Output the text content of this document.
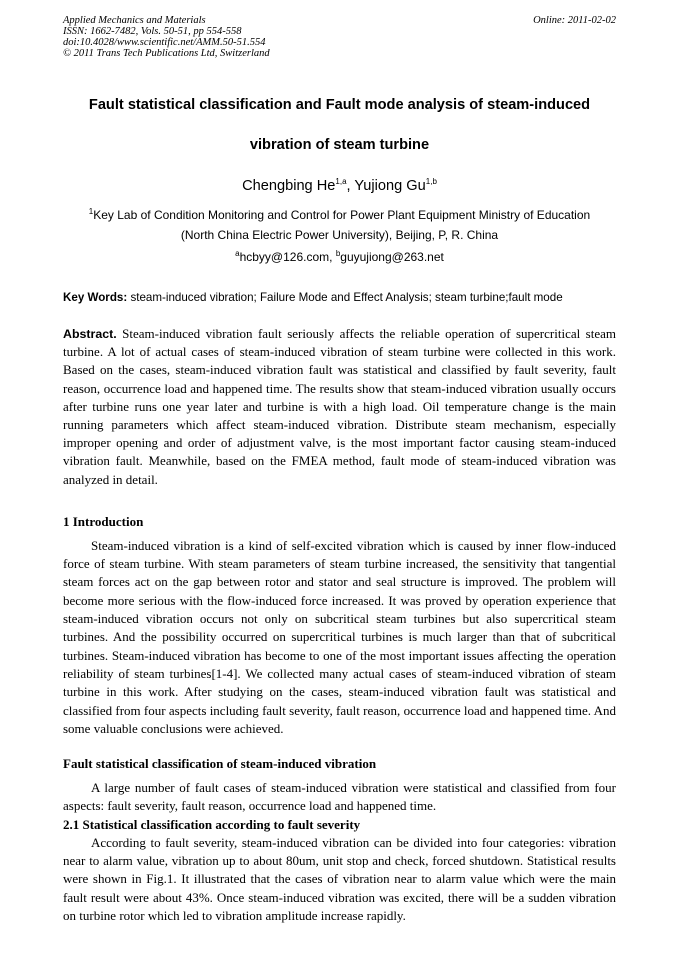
Applied Mechanics and Materials
ISSN: 1662-7482, Vols. 50-51, pp 554-558
doi:10.4028/www.scientific.net/AMM.50-51.554
© 2011 Trans Tech Publications Ltd, Switzerland
Online: 2011-02-02
Fault statistical classification and Fault mode analysis of steam-induced
vibration of steam turbine
Chengbing He$^{1,a}$, Yujiong Gu$^{1,b}$
$^1$Key Lab of Condition Monitoring and Control for Power Plant Equipment Ministry of Education
(North China Electric Power University), Beijing, P, R. China
$^a$hcbyy@126.com, $^b$guyujiong@263.net
Key Words: steam-induced vibration; Failure Mode and Effect Analysis; steam turbine;fault mode
Abstract. Steam-induced vibration fault seriously affects the reliable operation of supercritical steam turbine. A lot of actual cases of steam-induced vibration of steam turbine were collected in this work. Based on the cases, steam-induced vibration fault was statistical and classified by fault severity, fault reason, occurrence load and happened time. The results show that steam-induced vibration usually occurs after turbine runs one year later and turbine is with a high load. Oil temperature change is the main running parameters which affect steam-induced vibration. Distribute steam mechanism, especially improper opening and order of adjustment valve, is the most important factor causing steam-induced vibration fault. Meanwhile, based on the FMEA method, fault mode of steam-induced vibration was analyzed in detail.
1 Introduction

Steam-induced vibration is a kind of self-excited vibration which is caused by inner flow-induced force of steam turbine. With steam parameters of steam turbine increased, the sensitivity that tangential steam forces act on the gap between rotor and stator and seal structure is improved. The problem will become more serious with the flow-induced force increased. It was proved by operation experience that steam-induced vibration occurs not only on subcritical steam turbines but also supercritical steam turbines. And the possibility occurred on supercritical turbines is much larger than that of subcritical turbines. Steam-induced vibration has become to one of the most important issues affecting the operation reliability of steam turbines[1-4]. We collected many actual cases of steam-induced vibration of steam turbine in this work. After studying on the cases, steam-induced vibration fault was statistical and classified from four aspects including fault severity, fault reason, occurrence load and happened time. And some valuable conclusions were achieved.

Fault statistical classification of steam-induced vibration

A large number of fault cases of steam-induced vibration were statistical and classified from four aspects: fault severity, fault reason, occurrence load and happened time.

2.1 Statistical classification according to fault severity

According to fault severity, steam-induced vibration can be divided into four categories: vibration near to alarm value, vibration up to about 80um, unit stop and check, forced shutdown. Statistical results were shown in Fig.1. It illustrated that the cases of vibration near to alarm value which were the main fault result were about 43%. Once steam-induced vibration was excited, there will be a sudden vibration on turbine rotor which led to vibration amplitude increase rapidly.
